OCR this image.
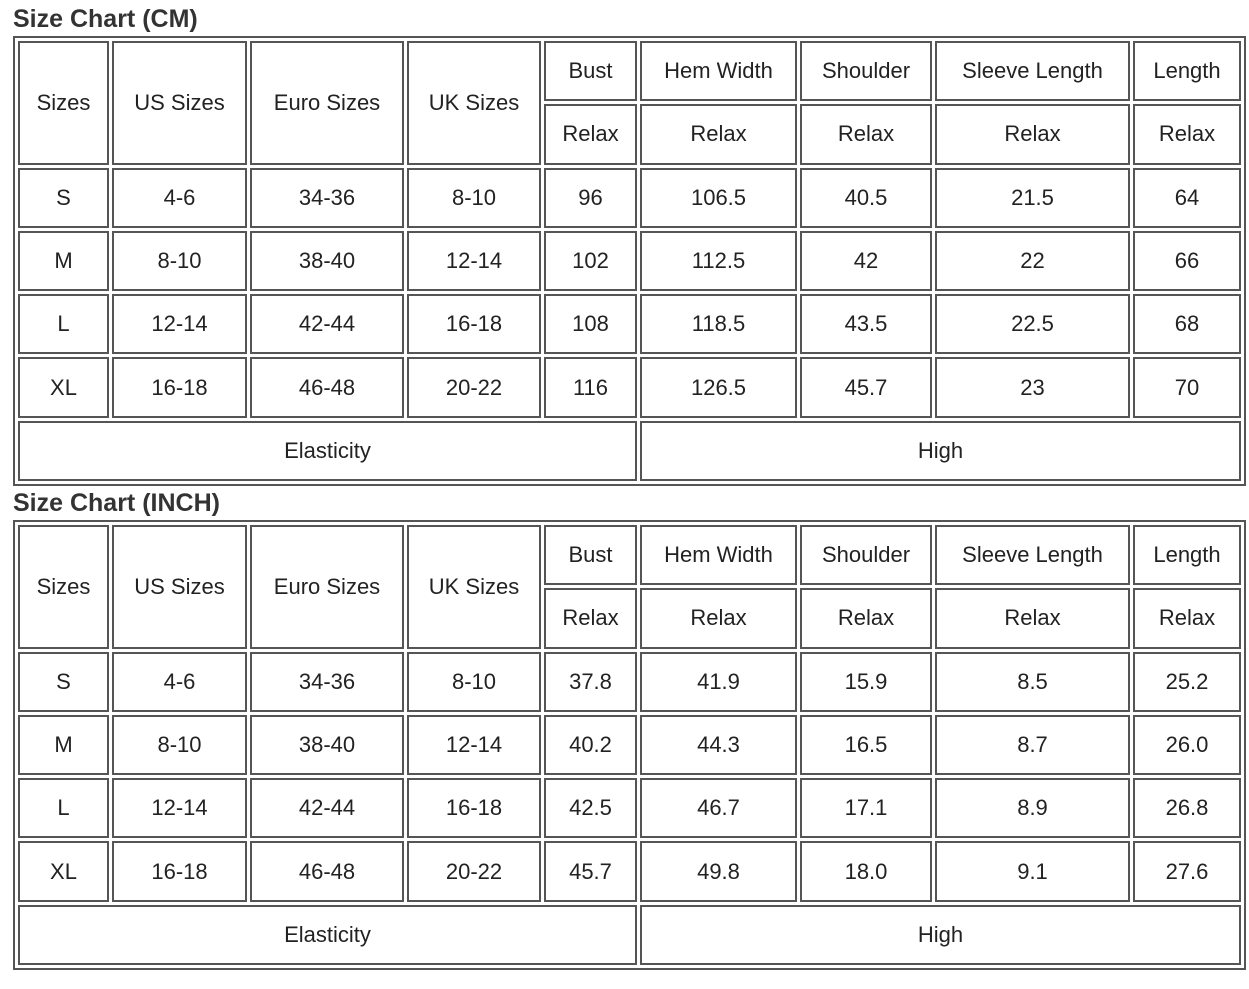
Size Chart (CM)
Sizes	US Sizes	Euro Sizes	UK Sizes	Bust	Hem Width	Shoulder	Sleeve Length	Length
				Relax	Relax	Relax	Relax	Relax
S	4-6	34-36	8-10	96	106.5	40.5	21.5	64
M	8-10	38-40	12-14	102	112.5	42	22	66
L	12-14	42-44	16-18	108	118.5	43.5	22.5	68
XL	16-18	46-48	20-22	116	126.5	45.7	23	70
Elasticity					High			
Size Chart (INCH)
Sizes	US Sizes	Euro Sizes	UK Sizes	Bust	Hem Width	Shoulder	Sleeve Length	Length
				Relax	Relax	Relax	Relax	Relax
S	4-6	34-36	8-10	37.8	41.9	15.9	8.5	25.2
M	8-10	38-40	12-14	40.2	44.3	16.5	8.7	26.0
L	12-14	42-44	16-18	42.5	46.7	17.1	8.9	26.8
XL	16-18	46-48	20-22	45.7	49.8	18.0	9.1	27.6
Elasticity					High			
